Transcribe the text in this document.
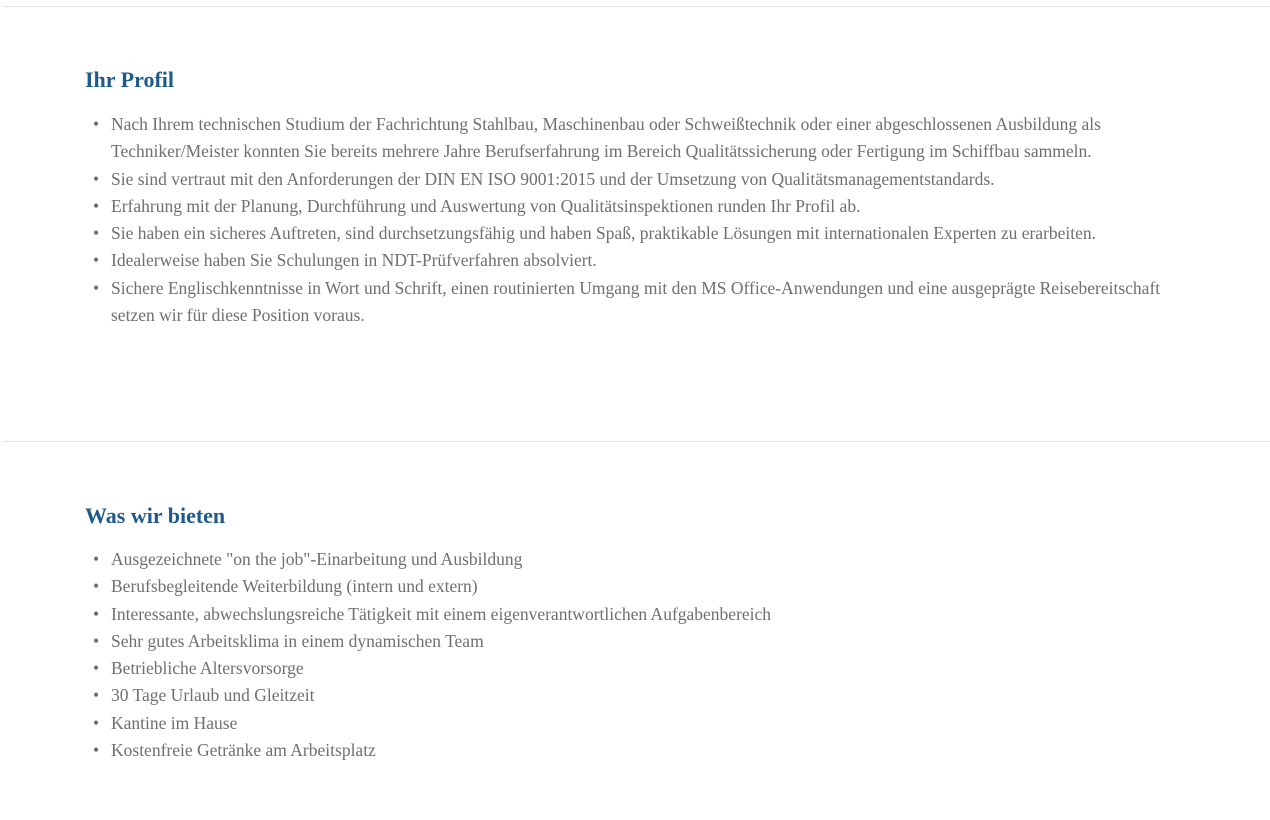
Ihr Profil
• Nach Ihrem technischen Studium der Fachrichtung Stahlbau, Maschinenbau oder Schweißtechnik oder einer abgeschlossenen Ausbildung als Techniker/Meister konnten Sie bereits mehrere Jahre Berufserfahrung im Bereich Qualitätssicherung oder Fertigung im Schiffbau sammeln.
• Sie sind vertraut mit den Anforderungen der DIN EN ISO 9001:2015 und der Umsetzung von Qualitätsmanagementstandards.
• Erfahrung mit der Planung, Durchführung und Auswertung von Qualitätsinspektionen runden Ihr Profil ab.
• Sie haben ein sicheres Auftreten, sind durchsetzungsfähig und haben Spaß, praktikable Lösungen mit internationalen Experten zu erarbeiten.
• Idealerweise haben Sie Schulungen in NDT-Prüfverfahren absolviert.
• Sichere Englischkenntnisse in Wort und Schrift, einen routinierten Umgang mit den MS Office-Anwendungen und eine ausgeprägte Reisebereitschaft setzen wir für diese Position voraus.
Was wir bieten
• Ausgezeichnete "on the job"-Einarbeitung und Ausbildung
• Berufsbegleitende Weiterbildung (intern und extern)
• Interessante, abwechslungsreiche Tätigkeit mit einem eigenverantwortlichen Aufgabenbereich
• Sehr gutes Arbeitsklima in einem dynamischen Team
• Betriebliche Altersvorsorge
• 30 Tage Urlaub und Gleitzeit
• Kantine im Hause
• Kostenfreie Getränke am Arbeitsplatz
